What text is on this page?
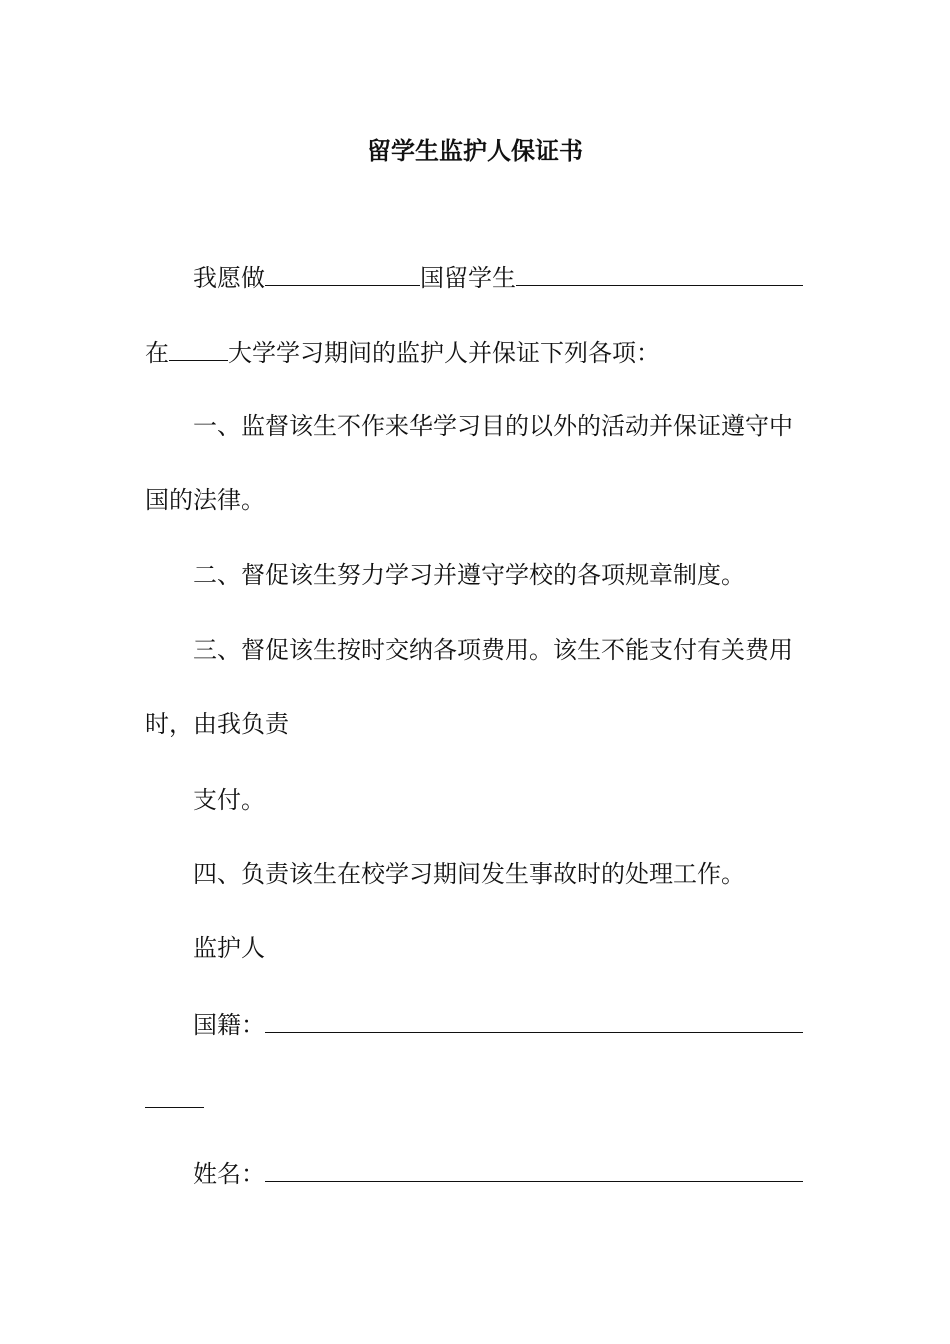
留学生监护人保证书
我愿做	国留学生
在 大学学习期间的监护人并保证下列各项：
一、监督该生不作来华学习目的以外的活动并保证遵守中
国的法律。
二、督促该生努力学习并遵守学校的各项规章制度。
三、督促该生按时交纳各项费用。该生不能支付有关费用
时，由我负责
支付。
四、负责该生在校学习期间发生事故时的处理工作。
监护人
国籍：
姓名：
